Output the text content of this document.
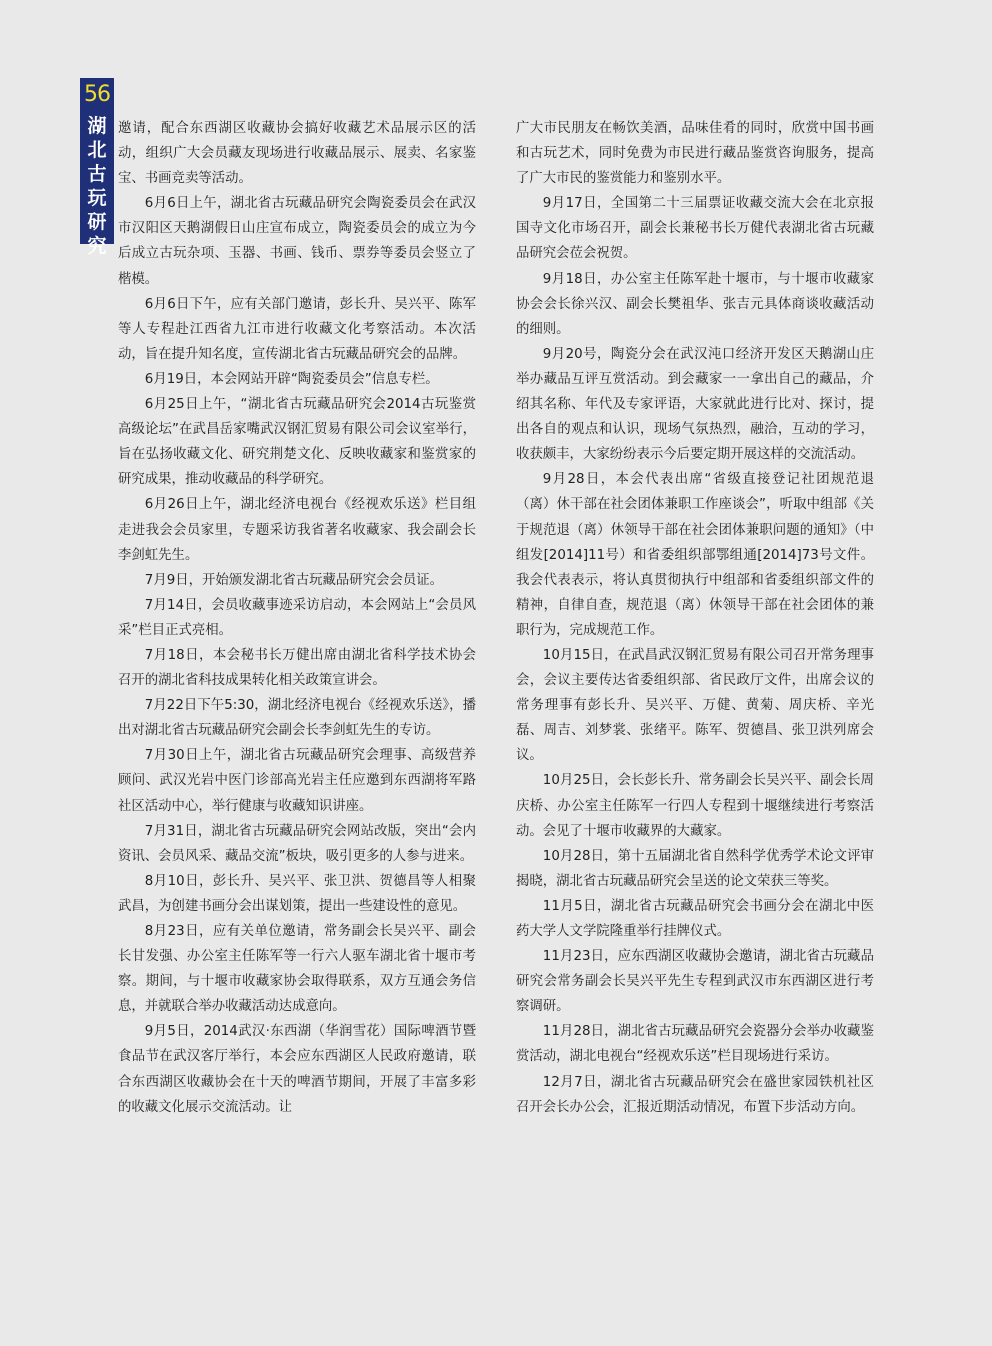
56
湖北古玩研究

邀请，配合东西湖区收藏协会搞好收藏艺术品展示区的活动，组织广大会员藏友现场进行收藏品展示、展卖、名家鉴宝、书画竞卖等活动。

6月6日上午，湖北省古玩藏品研究会陶瓷委员会在武汉市汉阳区天鹅湖假日山庄宣布成立，陶瓷委员会的成立为今后成立古玩杂项、玉器、书画、钱币、票券等委员会竖立了楷模。

6月6日下午，应有关部门邀请，彭长升、吴兴平、陈军等人专程赴江西省九江市进行收藏文化考察活动。本次活动，旨在提升知名度，宣传湖北省古玩藏品研究会的品牌。

6月19日，本会网站开辟“陶瓷委员会”信息专栏。

6月25日上午，“湖北省古玩藏品研究会2014古玩鉴赏高级论坛”在武昌岳家嘴武汉钢汇贸易有限公司会议室举行，旨在弘扬收藏文化、研究荆楚文化、反映收藏家和鉴赏家的研究成果，推动收藏品的科学研究。

6月26日上午，湖北经济电视台《经视欢乐送》栏目组走进我会会员家里，专题采访我省著名收藏家、我会副会长李剑虹先生。

7月9日，开始颁发湖北省古玩藏品研究会会员证。

7月14日，会员收藏事迹采访启动，本会网站上“会员风采”栏目正式亮相。

7月18日，本会秘书长万健出席由湖北省科学技术协会召开的湖北省科技成果转化相关政策宣讲会。

7月22日下午5:30，湖北经济电视台《经视欢乐送》，播出对湖北省古玩藏品研究会副会长李剑虹先生的专访。

7月30日上午，湖北省古玩藏品研究会理事、高级营养顾问、武汉光岩中医门诊部高光岩主任应邀到东西湖将军路社区活动中心，举行健康与收藏知识讲座。

7月31日，湖北省古玩藏品研究会网站改版，突出“会内资讯、会员风采、藏品交流”板块，吸引更多的人参与进来。

8月10日，彭长升、吴兴平、张卫洪、贺德昌等人相聚武昌，为创建书画分会出谋划策，提出一些建设性的意见。

8月23日，应有关单位邀请，常务副会长吴兴平、副会长甘发强、办公室主任陈军等一行六人驱车湖北省十堰市考察。期间，与十堰市收藏家协会取得联系，双方互通会务信息，并就联合举办收藏活动达成意向。

9月5日，2014武汉·东西湖（华润雪花）国际啤酒节暨食品节在武汉客厅举行，本会应东西湖区人民政府邀请，联合东西湖区收藏协会在十天的啤酒节期间，开展了丰富多彩的收藏文化展示交流活动。让

广大市民朋友在畅饮美酒，品味佳肴的同时，欣赏中国书画和古玩艺术，同时免费为市民进行藏品鉴赏咨询服务，提高了广大市民的鉴赏能力和鉴别水平。

9月17日，全国第二十三届票证收藏交流大会在北京报国寺文化市场召开，副会长兼秘书长万健代表湖北省古玩藏品研究会莅会祝贺。

9月18日，办公室主任陈军赴十堰市，与十堰市收藏家协会会长徐兴汉、副会长樊祖华、张吉元具体商谈收藏活动的细则。

9月20号，陶瓷分会在武汉沌口经济开发区天鹅湖山庄举办藏品互评互赏活动。到会藏家一一拿出自己的藏品，介绍其名称、年代及专家评语，大家就此进行比对、探讨，提出各自的观点和认识，现场气氛热烈，融洽，互动的学习，收获颇丰，大家纷纷表示今后要定期开展这样的交流活动。

9月28日，本会代表出席“省级直接登记社团规范退（离）休干部在社会团体兼职工作座谈会”，听取中组部《关于规范退（离）休领导干部在社会团体兼职问题的通知》（中组发[2014]11号）和省委组织部鄂组通[2014]73号文件。我会代表表示，将认真贯彻执行中组部和省委组织部文件的精神，自律自查，规范退（离）休领导干部在社会团体的兼职行为，完成规范工作。

10月15日，在武昌武汉钢汇贸易有限公司召开常务理事会，会议主要传达省委组织部、省民政厅文件，出席会议的常务理事有彭长升、吴兴平、万健、黄菊、周庆桥、辛光磊、周吉、刘梦裳、张绪平。陈军、贺德昌、张卫洪列席会议。

10月25日，会长彭长升、常务副会长吴兴平、副会长周庆桥、办公室主任陈军一行四人专程到十堰继续进行考察活动。会见了十堰市收藏界的大藏家。

10月28日，第十五届湖北省自然科学优秀学术论文评审揭晓，湖北省古玩藏品研究会呈送的论文荣获三等奖。

11月5日，湖北省古玩藏品研究会书画分会在湖北中医药大学人文学院隆重举行挂牌仪式。

11月23日，应东西湖区收藏协会邀请，湖北省古玩藏品研究会常务副会长吴兴平先生专程到武汉市东西湖区进行考察调研。

11月28日，湖北省古玩藏品研究会瓷器分会举办收藏鉴赏活动，湖北电视台“经视欢乐送”栏目现场进行采访。

12月7日，湖北省古玩藏品研究会在盛世家园铁机社区召开会长办公会，汇报近期活动情况，布置下步活动方向。
